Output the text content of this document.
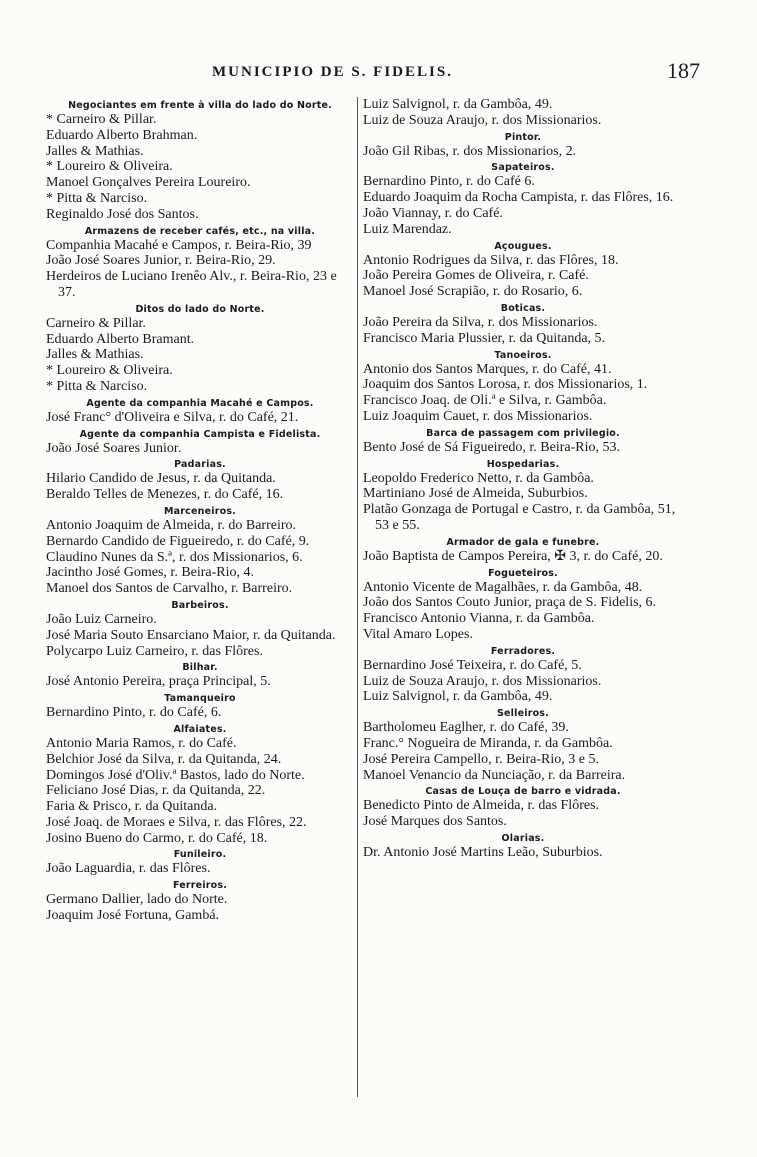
MUNICIPIO DE S. FIDELIS.	187
Negociantes em frente à villa do lado do Norte.
* Carneiro & Pillar.
Eduardo Alberto Brahman.
Jalles & Mathias.
* Loureiro & Oliveira.
Manoel Gonçalves Pereira Loureiro.
* Pitta & Narciso.
Reginaldo José dos Santos.
Armazens de receber cafés, etc., na villa.
Companhia Macahé e Campos, r. Beira-Rio, 39
João José Soares Junior, r. Beira-Rio, 29.
Herdeiros de Luciano Irenêo Alv., r. Beira-Rio, 23 e 37.
Ditos do lado do Norte.
Carneiro & Pillar.
Eduardo Alberto Bramant.
Jalles & Mathias.
* Loureiro & Oliveira.
* Pitta & Narciso.
Agente da companhia Macahé e Campos.
José Franc° d'Oliveira e Silva, r. do Café, 21.
Agente da companhia Campista e Fidelista.
João José Soares Junior.
Padarias.
Hilario Candido de Jesus, r. da Quitanda.
Beraldo Telles de Menezes, r. do Café, 16.
Marceneiros.
Antonio Joaquim de Almeida, r. do Barreiro.
Bernardo Candido de Figueiredo, r. do Café, 9.
Claudino Nunes da S.ª, r. dos Missionarios, 6.
Jacintho José Gomes, r. Beira-Rio, 4.
Manoel dos Santos de Carvalho, r. Barreiro.
Barbeiros.
João Luiz Carneiro.
José Maria Souto Ensarciano Maior, r. da Quitanda.
Polycarpo Luiz Carneiro, r. das Flôres.
Bilhar.
José Antonio Pereira, praça Principal, 5.
Tamanqueiro
Bernardino Pinto, r. do Café, 6.
Alfaiates.
Antonio Maria Ramos, r. do Café.
Belchior José da Silva, r. da Quitanda, 24.
Domingos José d'Oliv.ª Bastos, lado do Norte.
Feliciano José Dias, r. da Quitanda, 22.
Faria & Prisco, r. da Quitanda.
José Joaq. de Moraes e Silva, r. das Flôres, 22.
Josino Bueno do Carmo, r. do Café, 18.
Funileiro.
João Laguardia, r. das Flôres.
Ferreiros.
Germano Dallier, lado do Norte.
Joaquim José Fortuna, Gambá.
Luiz Salvignol, r. da Gambôa, 49.
Luiz de Souza Araujo, r. dos Missionarios.
Pintor.
João Gil Ribas, r. dos Missionarios, 2.
Sapateiros.
Bernardino Pinto, r. do Café 6.
Eduardo Joaquim da Rocha Campista, r. das Flôres, 16.
João Viannay, r. do Café.
Luiz Marendaz.
Açougues.
Antonio Rodrigues da Silva, r. das Flôres, 18.
João Pereira Gomes de Oliveira, r. Café.
Manoel José Scrapião, r. do Rosario, 6.
Boticas.
João Pereira da Silva, r. dos Missionarios.
Francisco Maria Plussier, r. da Quitanda, 5.
Tanoeiros.
Antonio dos Santos Marques, r. do Café, 41.
Joaquim dos Santos Lorosa, r. dos Missionarios, 1.
Francisco Joaq. de Oli.ª e Silva, r. Gambôa.
Luiz Joaquim Cauet, r. dos Missionarios.
Barca de passagem com privilegio.
Bento José de Sá Figueiredo, r. Beira-Rio, 53.
Hospedarias.
Leopoldo Frederico Netto, r. da Gambôa.
Martiniano José de Almeida, Suburbios.
Platão Gonzaga de Portugal e Castro, r. da Gambôa, 51, 53 e 55.
Armador de gala e funebre.
João Baptista de Campos Pereira, ✠ 3, r. do Café, 20.
Fogueteiros.
Antonio Vicente de Magalhães, r. da Gambôa, 48.
João dos Santos Couto Junior, praça de S. Fidelis, 6.
Francisco Antonio Vianna, r. da Gambôa.
Vital Amaro Lopes.
Ferradores.
Bernardino José Teixeira, r. do Café, 5.
Luiz de Souza Araujo, r. dos Missionarios.
Luiz Salvignol, r. da Gambôa, 49.
Selleiros.
Bartholomeu Eaglher, r. do Café, 39.
Franc.° Nogueira de Miranda, r. da Gambôa.
José Pereira Campello, r. Beira-Rio, 3 e 5.
Manoel Venancio da Nunciação, r. da Barreira.
Casas de Louça de barro e vidrada.
Benedicto Pinto de Almeida, r. das Flôres.
José Marques dos Santos.
Olarias.
Dr. Antonio José Martins Leão, Suburbios.
